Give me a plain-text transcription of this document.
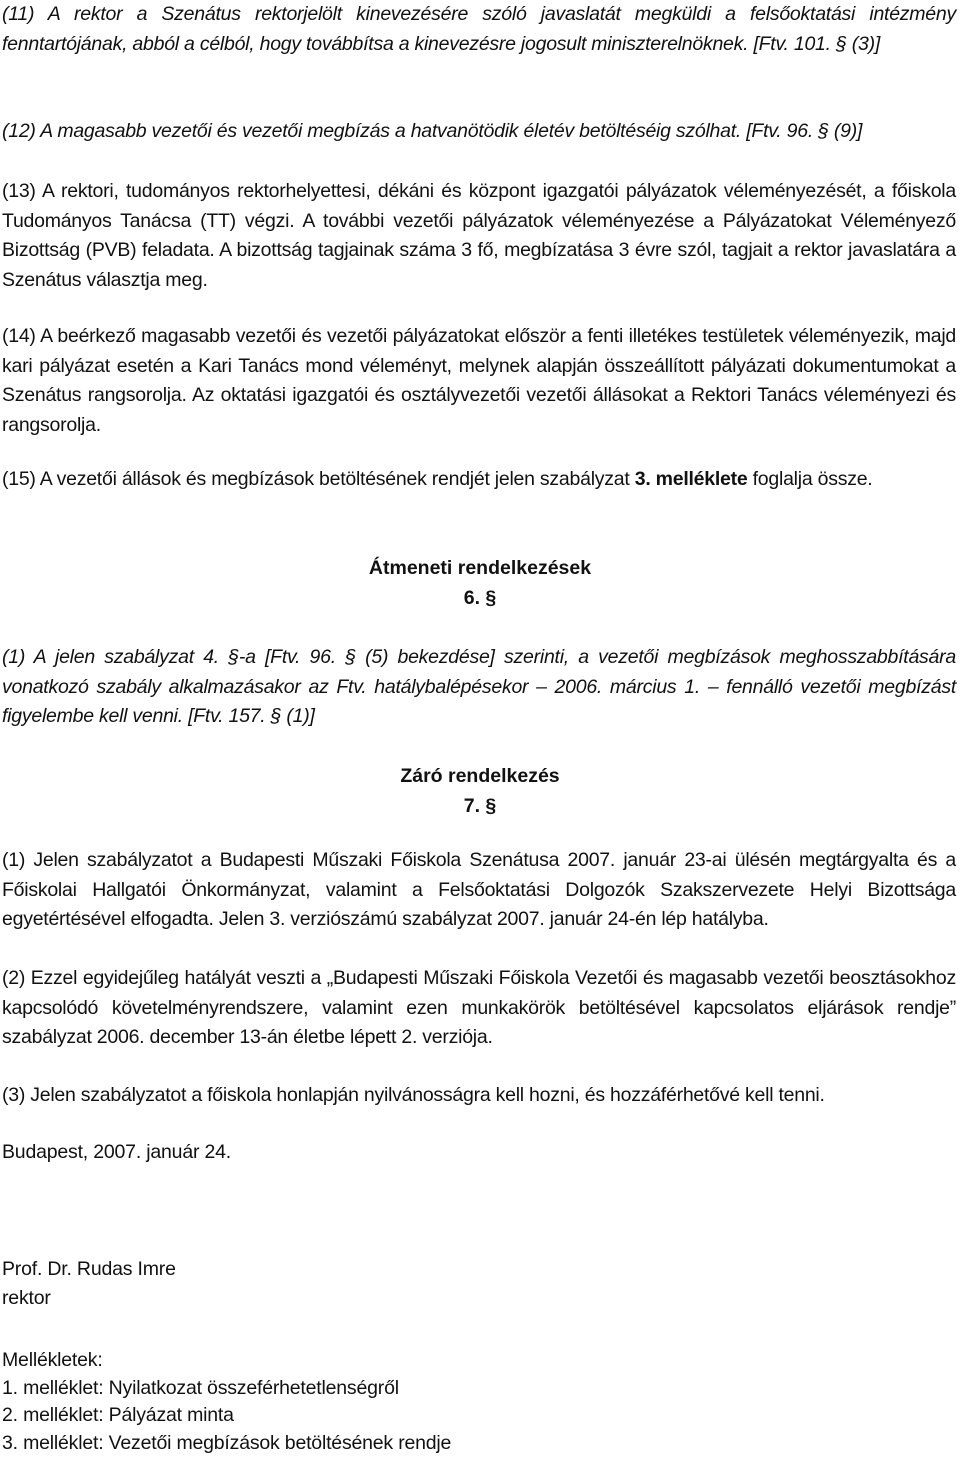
(11) A rektor a Szenátus rektorjelölt kinevezésére szóló javaslatát megküldi a felsőoktatási intézmény fenntartójának, abból a célból, hogy továbbítsa a kinevezésre jogosult miniszterelnöknek. [Ftv. 101. § (3)]

(12) A magasabb vezetői és vezetői megbízás a hatvanötödik életév betöltéséig szólhat. [Ftv. 96. § (9)]

(13) A rektori, tudományos rektorhelyettesi, dékáni és központ igazgatói pályázatok véleményezését, a főiskola Tudományos Tanácsa (TT) végzi. A további vezetői pályázatok véleményezése a Pályázatokat Véleményező Bizottság (PVB) feladata. A bizottság tagjainak száma 3 fő, megbízatása 3 évre szól, tagjait a rektor javaslatára a Szenátus választja meg.

(14) A beérkező magasabb vezetői és vezetői pályázatokat először a fenti illetékes testületek véleményezik, majd kari pályázat esetén a Kari Tanács mond véleményt, melynek alapján összeállított pályázati dokumentumokat a Szenátus rangsorolja. Az oktatási igazgatói és osztályvezetői vezetői állásokat a Rektori Tanács véleményezi és rangsorolja.

(15) A vezetői állások és megbízások betöltésének rendjét jelen szabályzat 3. melléklete foglalja össze.

Átmeneti rendelkezések
6. §

(1) A jelen szabályzat 4. §-a [Ftv. 96. § (5) bekezdése] szerinti, a vezetői megbízások meghosszabbítására vonatkozó szabály alkalmazásakor az Ftv. hatálybalépésekor – 2006. március 1. – fennálló vezetői megbízást figyelembe kell venni. [Ftv. 157. § (1)]

Záró rendelkezés
7. §

(1) Jelen szabályzatot a Budapesti Műszaki Főiskola Szenátusa 2007. január 23-ai ülésén megtárgyalta és a Főiskolai Hallgatói Önkormányzat, valamint a Felsőoktatási Dolgozók Szakszervezete Helyi Bizottsága egyetértésével elfogadta. Jelen 3. verziószámú szabályzat 2007. január 24-én lép hatályba.

(2) Ezzel egyidejűleg hatályát veszti a „Budapesti Műszaki Főiskola Vezetői és magasabb vezetői beosztásokhoz kapcsolódó követelményrendszere, valamint ezen munkakörök betöltésével kapcsolatos eljárások rendje” szabályzat 2006. december 13-án életbe lépett 2. verziója.

(3) Jelen szabályzatot a főiskola honlapján nyilvánosságra kell hozni, és hozzáférhetővé kell tenni.

Budapest, 2007. január 24.

Prof. Dr. Rudas Imre

rektor

Mellékletek:

1. melléklet: Nyilatkozat összeférhetetlenségről

2. melléklet: Pályázat minta

3. melléklet: Vezetői megbízások betöltésének rendje
